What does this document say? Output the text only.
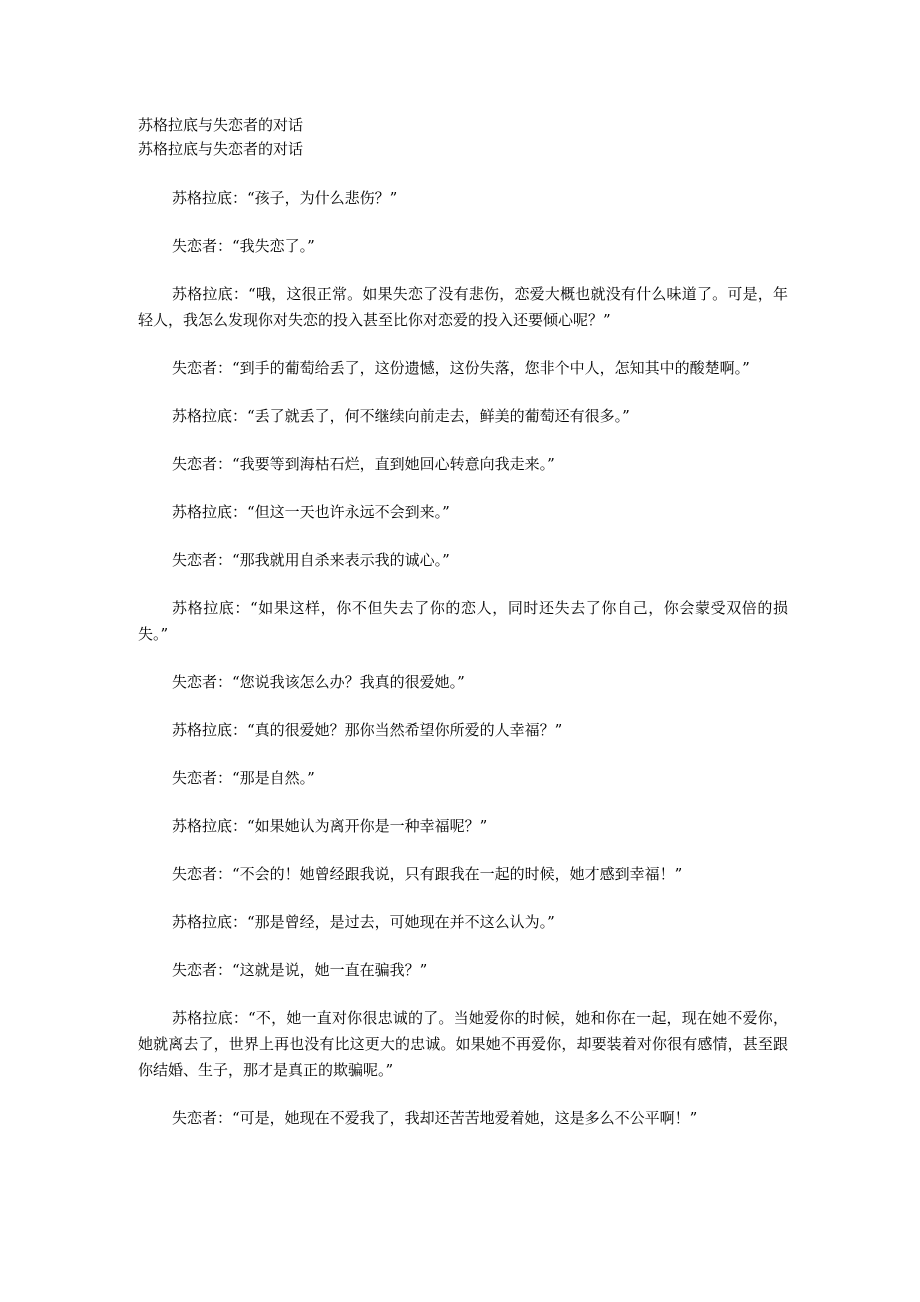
苏格拉底与失恋者的对话
苏格拉底与失恋者的对话

苏格拉底：“孩子，为什么悲伤？”

失恋者：“我失恋了。”

苏格拉底：“哦，这很正常。如果失恋了没有悲伤，恋爱大概也就没有什么味道了。可是，年轻人，我怎么发现你对失恋的投入甚至比你对恋爱的投入还要倾心呢？”

失恋者：“到手的葡萄给丢了，这份遗憾，这份失落，您非个中人，怎知其中的酸楚啊。”

苏格拉底：“丢了就丢了，何不继续向前走去，鲜美的葡萄还有很多。”

失恋者：“我要等到海枯石烂，直到她回心转意向我走来。”

苏格拉底：“但这一天也许永远不会到来。”

失恋者：“那我就用自杀来表示我的诚心。”

苏格拉底：“如果这样，你不但失去了你的恋人，同时还失去了你自己，你会蒙受双倍的损失。”

失恋者：“您说我该怎么办？我真的很爱她。”

苏格拉底：“真的很爱她？那你当然希望你所爱的人幸福？”

失恋者：“那是自然。”

苏格拉底：“如果她认为离开你是一种幸福呢？”

失恋者：“不会的！她曾经跟我说，只有跟我在一起的时候，她才感到幸福！”

苏格拉底：“那是曾经，是过去，可她现在并不这么认为。”

失恋者：“这就是说，她一直在骗我？”

苏格拉底：“不，她一直对你很忠诚的了。当她爱你的时候，她和你在一起，现在她不爱你，她就离去了，世界上再也没有比这更大的忠诚。如果她不再爱你，却要装着对你很有感情，甚至跟你结婚、生子，那才是真正的欺骗呢。”

失恋者：“可是，她现在不爱我了，我却还苦苦地爱着她，这是多么不公平啊！”
